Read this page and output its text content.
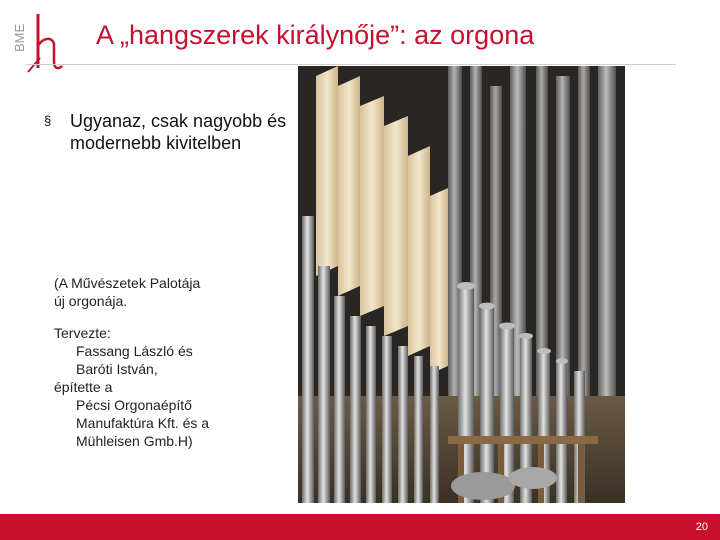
BME	A „hangszerek királynője”: az orgona
§ Ugyanaz, csak nagyobb és modernebb kivitelben

(A Művészetek Palotája

új orgonája.

Tervezte:

Fassang László és

Baróti István,

építette a

Pécsi Orgonaépítő

Manufaktúra Kft. és a

Mühleisen Gmb.H)

20
